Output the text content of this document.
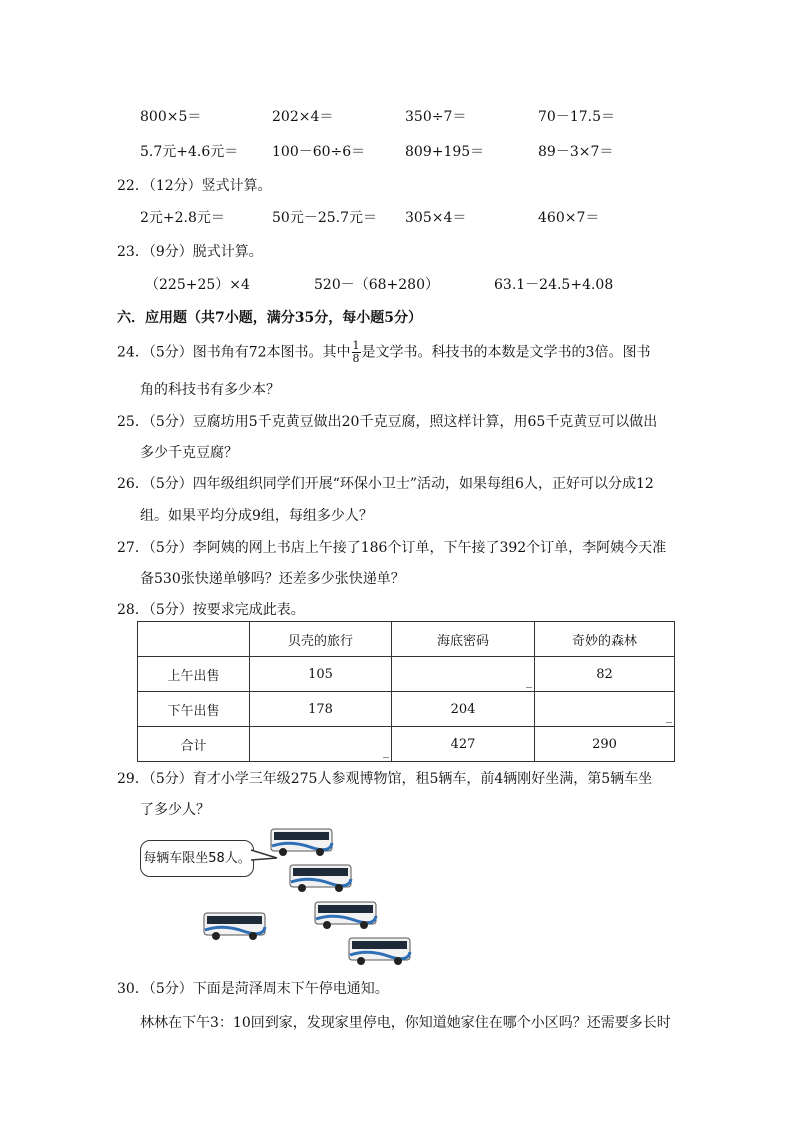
800×5＝	202×4＝	350÷7＝	70－17.5＝
5.7元+4.6元＝ 100－60÷6＝	809+195＝	89－3×7＝
22．（12分）竖式计算。
2元+2.8元＝	50元－25.7元＝ 305×4＝	460×7＝
23．（9分）脱式计算。
（225+25）×4	520－（68+280）	63.1－24.5+4.08
六．应用题（共7小题，满分35分，每小题5分）
24．（5分）图书角有72本图书。其中 $\frac{1}{8}$ 是文学书。科技书的本数是文学书的3倍。图书
角的科技书有多少本？
25．（5分）豆腐坊用5千克黄豆做出20千克豆腐，照这样计算，用65千克黄豆可以做出
多少千克豆腐？
26．（5分）四年级组织同学们开展“环保小卫士”活动，如果每组6人，正好可以分成12
组。如果平均分成9组，每组多少人？
27．（5分）李阿姨的网上书店上午接了186个订单，下午接了392个订单，李阿姨今天准
备530张快递单够吗？还差多少张快递单？
28．（5分）按要求完成此表。
	贝壳的旅行	海底密码	奇妙的森林
上午出售	105	_	82
下午出售	178	204	_

合计	_	427	290
29．（5分）育才小学三年级275人参观博物馆，租5辆车，前4辆刚好坐满，第5辆车坐
了多少人？
每辆车限坐58人。
30．（5分）下面是菏泽周末下午停电通知。
林林在下午3：10回到家，发现家里停电，你知道她家住在哪个小区吗？还需要多长时
